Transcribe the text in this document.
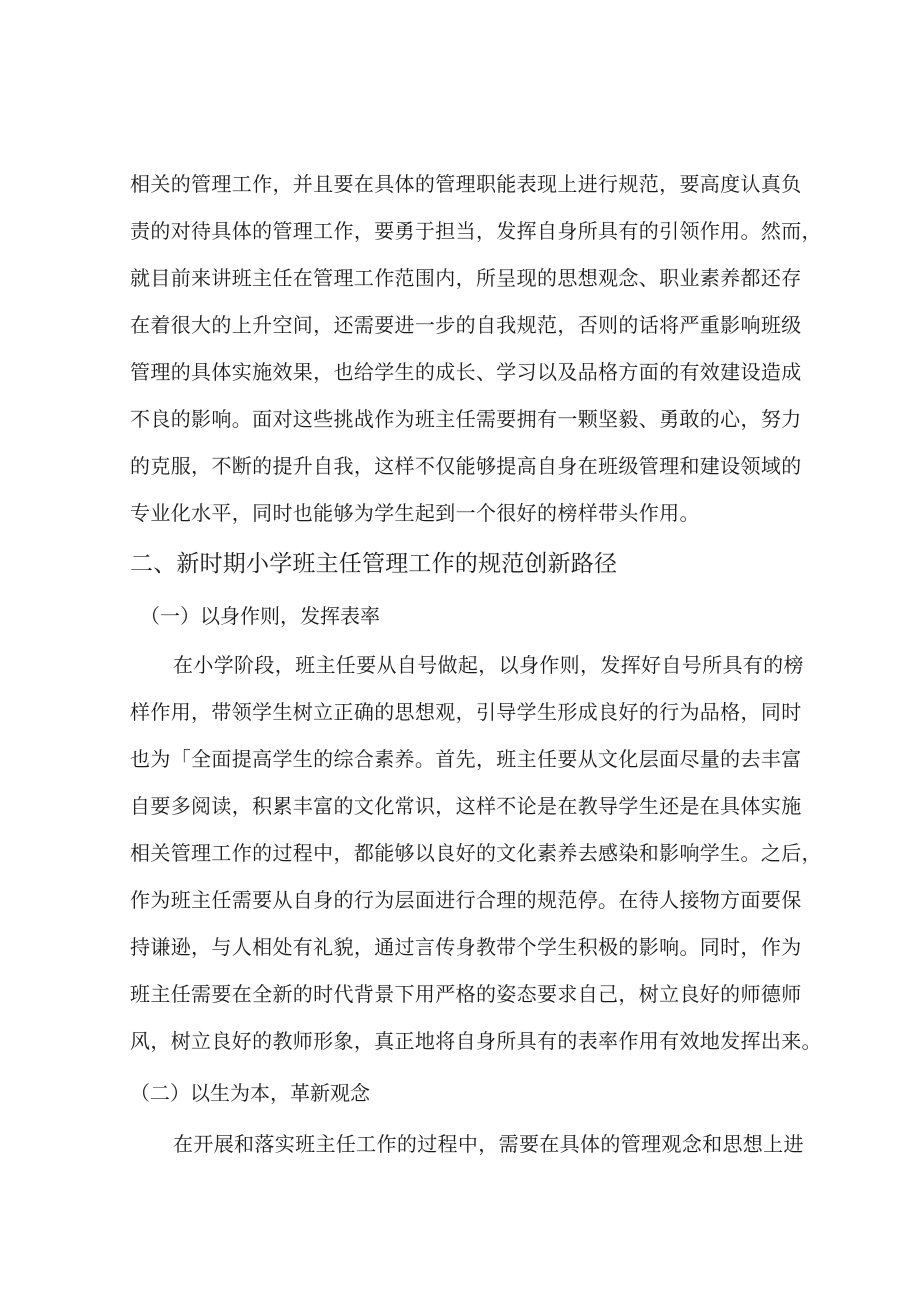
相关的管理工作，并且要在具体的管理职能表现上进行规范，要高度认真负
责的对待具体的管理工作，要勇于担当，发挥自身所具有的引领作用。然而，
就目前来讲班主任在管理工作范围内，所呈现的思想观念、职业素养都还存
在着很大的上升空间，还需要进一步的自我规范，否则的话将严重影响班级
管理的具体实施效果，也给学生的成长、学习以及品格方面的有效建设造成
不良的影响。面对这些挑战作为班主任需要拥有一颗坚毅、勇敢的心，努力
的克服，不断的提升自我，这样不仅能够提高自身在班级管理和建设领域的
专业化水平，同时也能够为学生起到一个很好的榜样带头作用。
二、新时期小学班主任管理工作的规范创新路径
（一）以身作则，发挥表率
在小学阶段，班主任要从自号做起，以身作则，发挥好自号所具有的榜
样作用，带领学生树立正确的思想观，引导学生形成良好的行为品格，同时
也为「全面提高学生的综合素养。首先，班主任要从文化层面尽量的去丰富
自要多阅读，积累丰富的文化常识，这样不论是在教导学生还是在具体实施
相关管理工作的过程中，都能够以良好的文化素养去感染和影响学生。之后，
作为班主任需要从自身的行为层面进行合理的规范停。在待人接物方面要保
持谦逊，与人相处有礼貌，通过言传身教带个学生积极的影响。同时，作为
班主任需要在全新的时代背景下用严格的姿态要求自己，树立良好的师德师
风，树立良好的教师形象，真正地将自身所具有的表率作用有效地发挥出来。
（二）以生为本，革新观念
在开展和落实班主任工作的过程中，需要在具体的管理观念和思想上进
